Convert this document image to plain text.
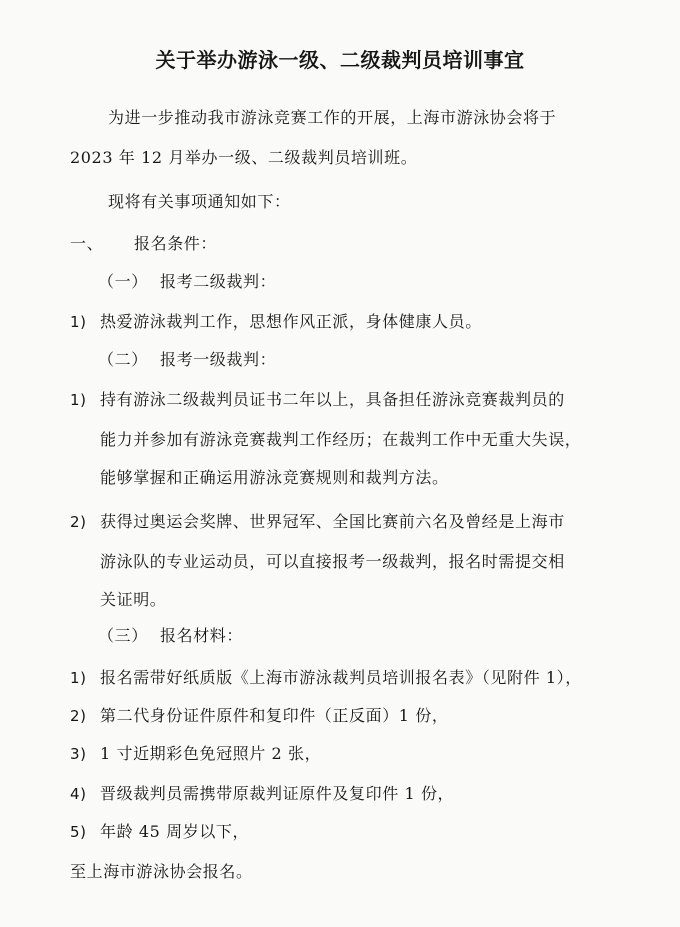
关于举办游泳一级、二级裁判员培训事宜
为进一步推动我市游泳竞赛工作的开展，上海市游泳协会将于
2023 年 12 月举办一级、二级裁判员培训班。
现将有关事项通知如下：
一、 报名条件：
（一） 报考二级裁判：
1) 热爱游泳裁判工作，思想作风正派，身体健康人员。
（二） 报考一级裁判：
1) 持有游泳二级裁判员证书二年以上，具备担任游泳竞赛裁判员的
能力并参加有游泳竞赛裁判工作经历；在裁判工作中无重大失误，
能够掌握和正确运用游泳竞赛规则和裁判方法。
2) 获得过奥运会奖牌、世界冠军、全国比赛前六名及曾经是上海市
游泳队的专业运动员，可以直接报考一级裁判，报名时需提交相
关证明。
（三） 报名材料：
1) 报名需带好纸质版《上海市游泳裁判员培训报名表》（见附件 1），
2) 第二代身份证件原件和复印件（正反面）1 份，
3) 1 寸近期彩色免冠照片 2 张，
4) 晋级裁判员需携带原裁判证原件及复印件 1 份，
5) 年龄 45 周岁以下，
至上海市游泳协会报名。
